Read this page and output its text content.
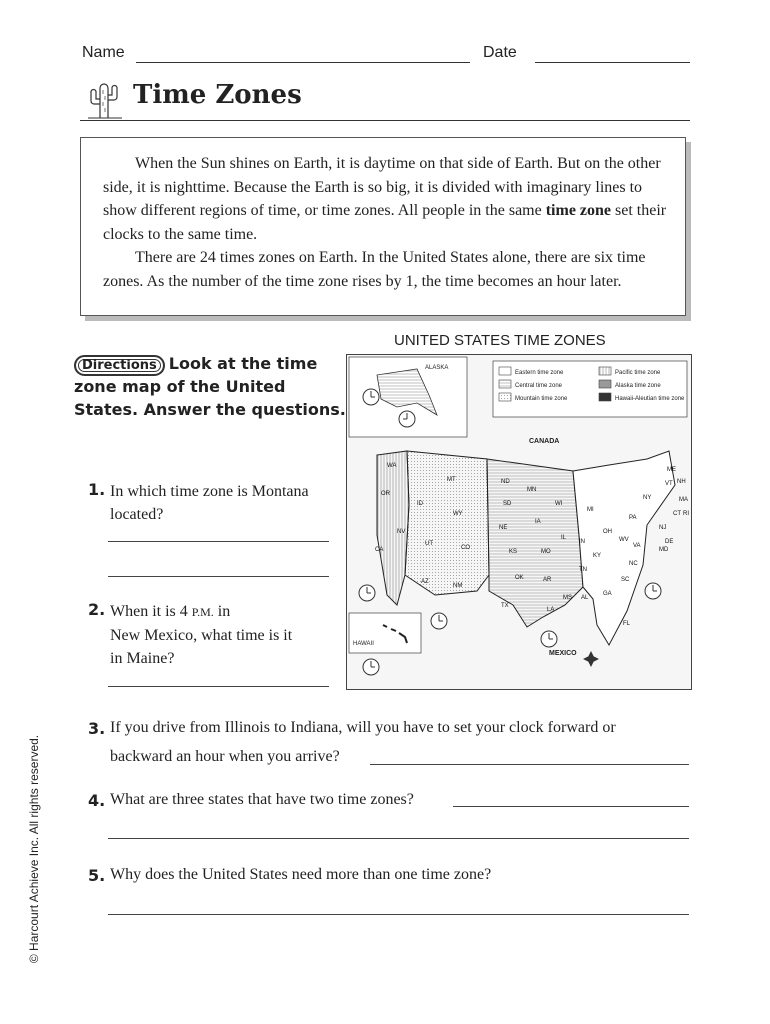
Name	Date
Time Zones

When the Sun shines on Earth, it is daytime on that side of Earth. But on the other side, it is nighttime. Because the Earth is so big, it is divided with imaginary lines to show different regions of time, or time zones. All people in the same time zone set their clocks to the same time.

There are 24 times zones on Earth. In the United States alone, there are six time zones. As the number of the time zone rises by 1, the time becomes an hour later.

UNITED STATES TIME ZONES
Directions Look at the time zone map of the United States. Answer the questions.
ALASKA
Eastern time zone
Central time zone
Mountain time zone
Pacific time zone
Alaska time zone
Hawaii-Aleutian time zone
CANADA
MEXICO
HAWAII
WA
OR
ID
MT
WY
NV
CA
UT
CO
AZ
NM
ND
SD
NE
KS
OK
TX
MN
IA
MO
AR
LA
WI
IL
MI
IN
OH
KY
TN
MS AL
GA
FL
SC
NC
VA
WV
PA
NY
ME
NH
VT
MA
RI
CT
NJ
DE
MD
1. In which time zone is Montana located?
2. When it is 4 P.M. in
New Mexico, what time is it
in Maine?
3. If you drive from Illinois to Indiana, will you have to set your clock forward or
backward an hour when you arrive?
4. What are three states that have two time zones?
5. Why does the United States need more than one time zone?
© Harcourt Achieve Inc. All rights reserved.
